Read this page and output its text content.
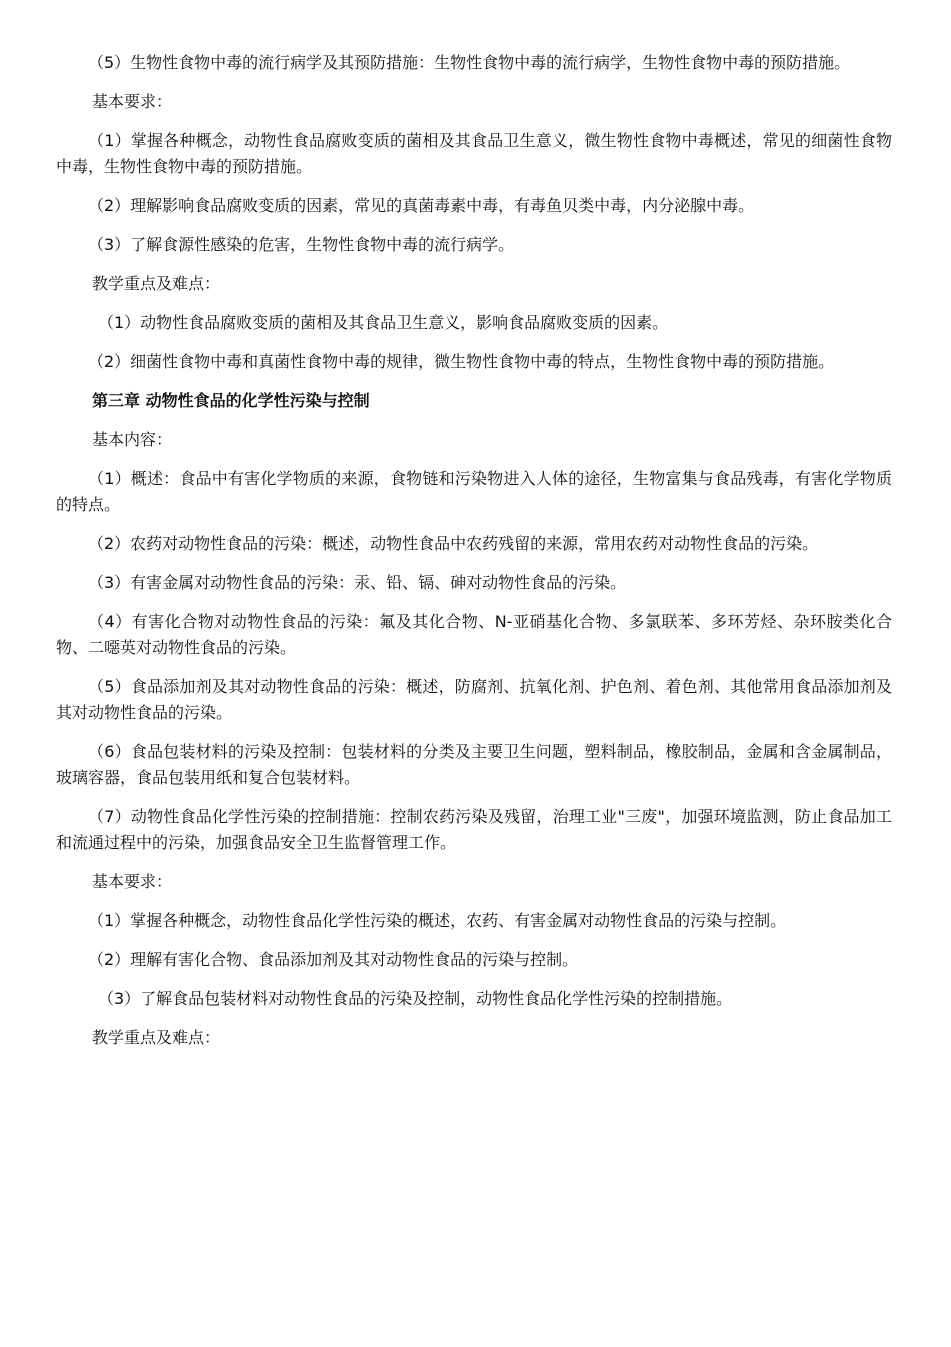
（5）生物性食物中毒的流行病学及其预防措施：生物性食物中毒的流行病学，生物性食物中毒的预防措施。

基本要求：

（1）掌握各种概念，动物性食品腐败变质的菌相及其食品卫生意义，微生物性食物中毒概述，常见的细菌性食物中毒，生物性食物中毒的预防措施。

（2）理解影响食品腐败变质的因素，常见的真菌毒素中毒，有毒鱼贝类中毒，内分泌腺中毒。

（3）了解食源性感染的危害，生物性食物中毒的流行病学。

教学重点及难点：

（1）动物性食品腐败变质的菌相及其食品卫生意义，影响食品腐败变质的因素。

（2）细菌性食物中毒和真菌性食物中毒的规律，微生物性食物中毒的特点，生物性食物中毒的预防措施。

第三章 动物性食品的化学性污染与控制

基本内容：

（1）概述：食品中有害化学物质的来源，食物链和污染物进入人体的途径，生物富集与食品残毒，有害化学物质的特点。

（2）农药对动物性食品的污染：概述，动物性食品中农药残留的来源，常用农药对动物性食品的污染。

（3）有害金属对动物性食品的污染：汞、铅、镉、砷对动物性食品的污染。

（4）有害化合物对动物性食品的污染：氟及其化合物、N-亚硝基化合物、多氯联苯、多环芳烃、杂环胺类化合物、二噁英对动物性食品的污染。

（5）食品添加剂及其对动物性食品的污染：概述，防腐剂、抗氧化剂、护色剂、着色剂、其他常用食品添加剂及其对动物性食品的污染。

（6）食品包装材料的污染及控制：包装材料的分类及主要卫生问题，塑料制品，橡胶制品，金属和含金属制品，玻璃容器，食品包装用纸和复合包装材料。

（7）动物性食品化学性污染的控制措施：控制农药污染及残留，治理工业"三废"，加强环境监测，防止食品加工和流通过程中的污染，加强食品安全卫生监督管理工作。

基本要求：

（1）掌握各种概念，动物性食品化学性污染的概述，农药、有害金属对动物性食品的污染与控制。

（2）理解有害化合物、食品添加剂及其对动物性食品的污染与控制。

（3）了解食品包装材料对动物性食品的污染及控制，动物性食品化学性污染的控制措施。

教学重点及难点：
